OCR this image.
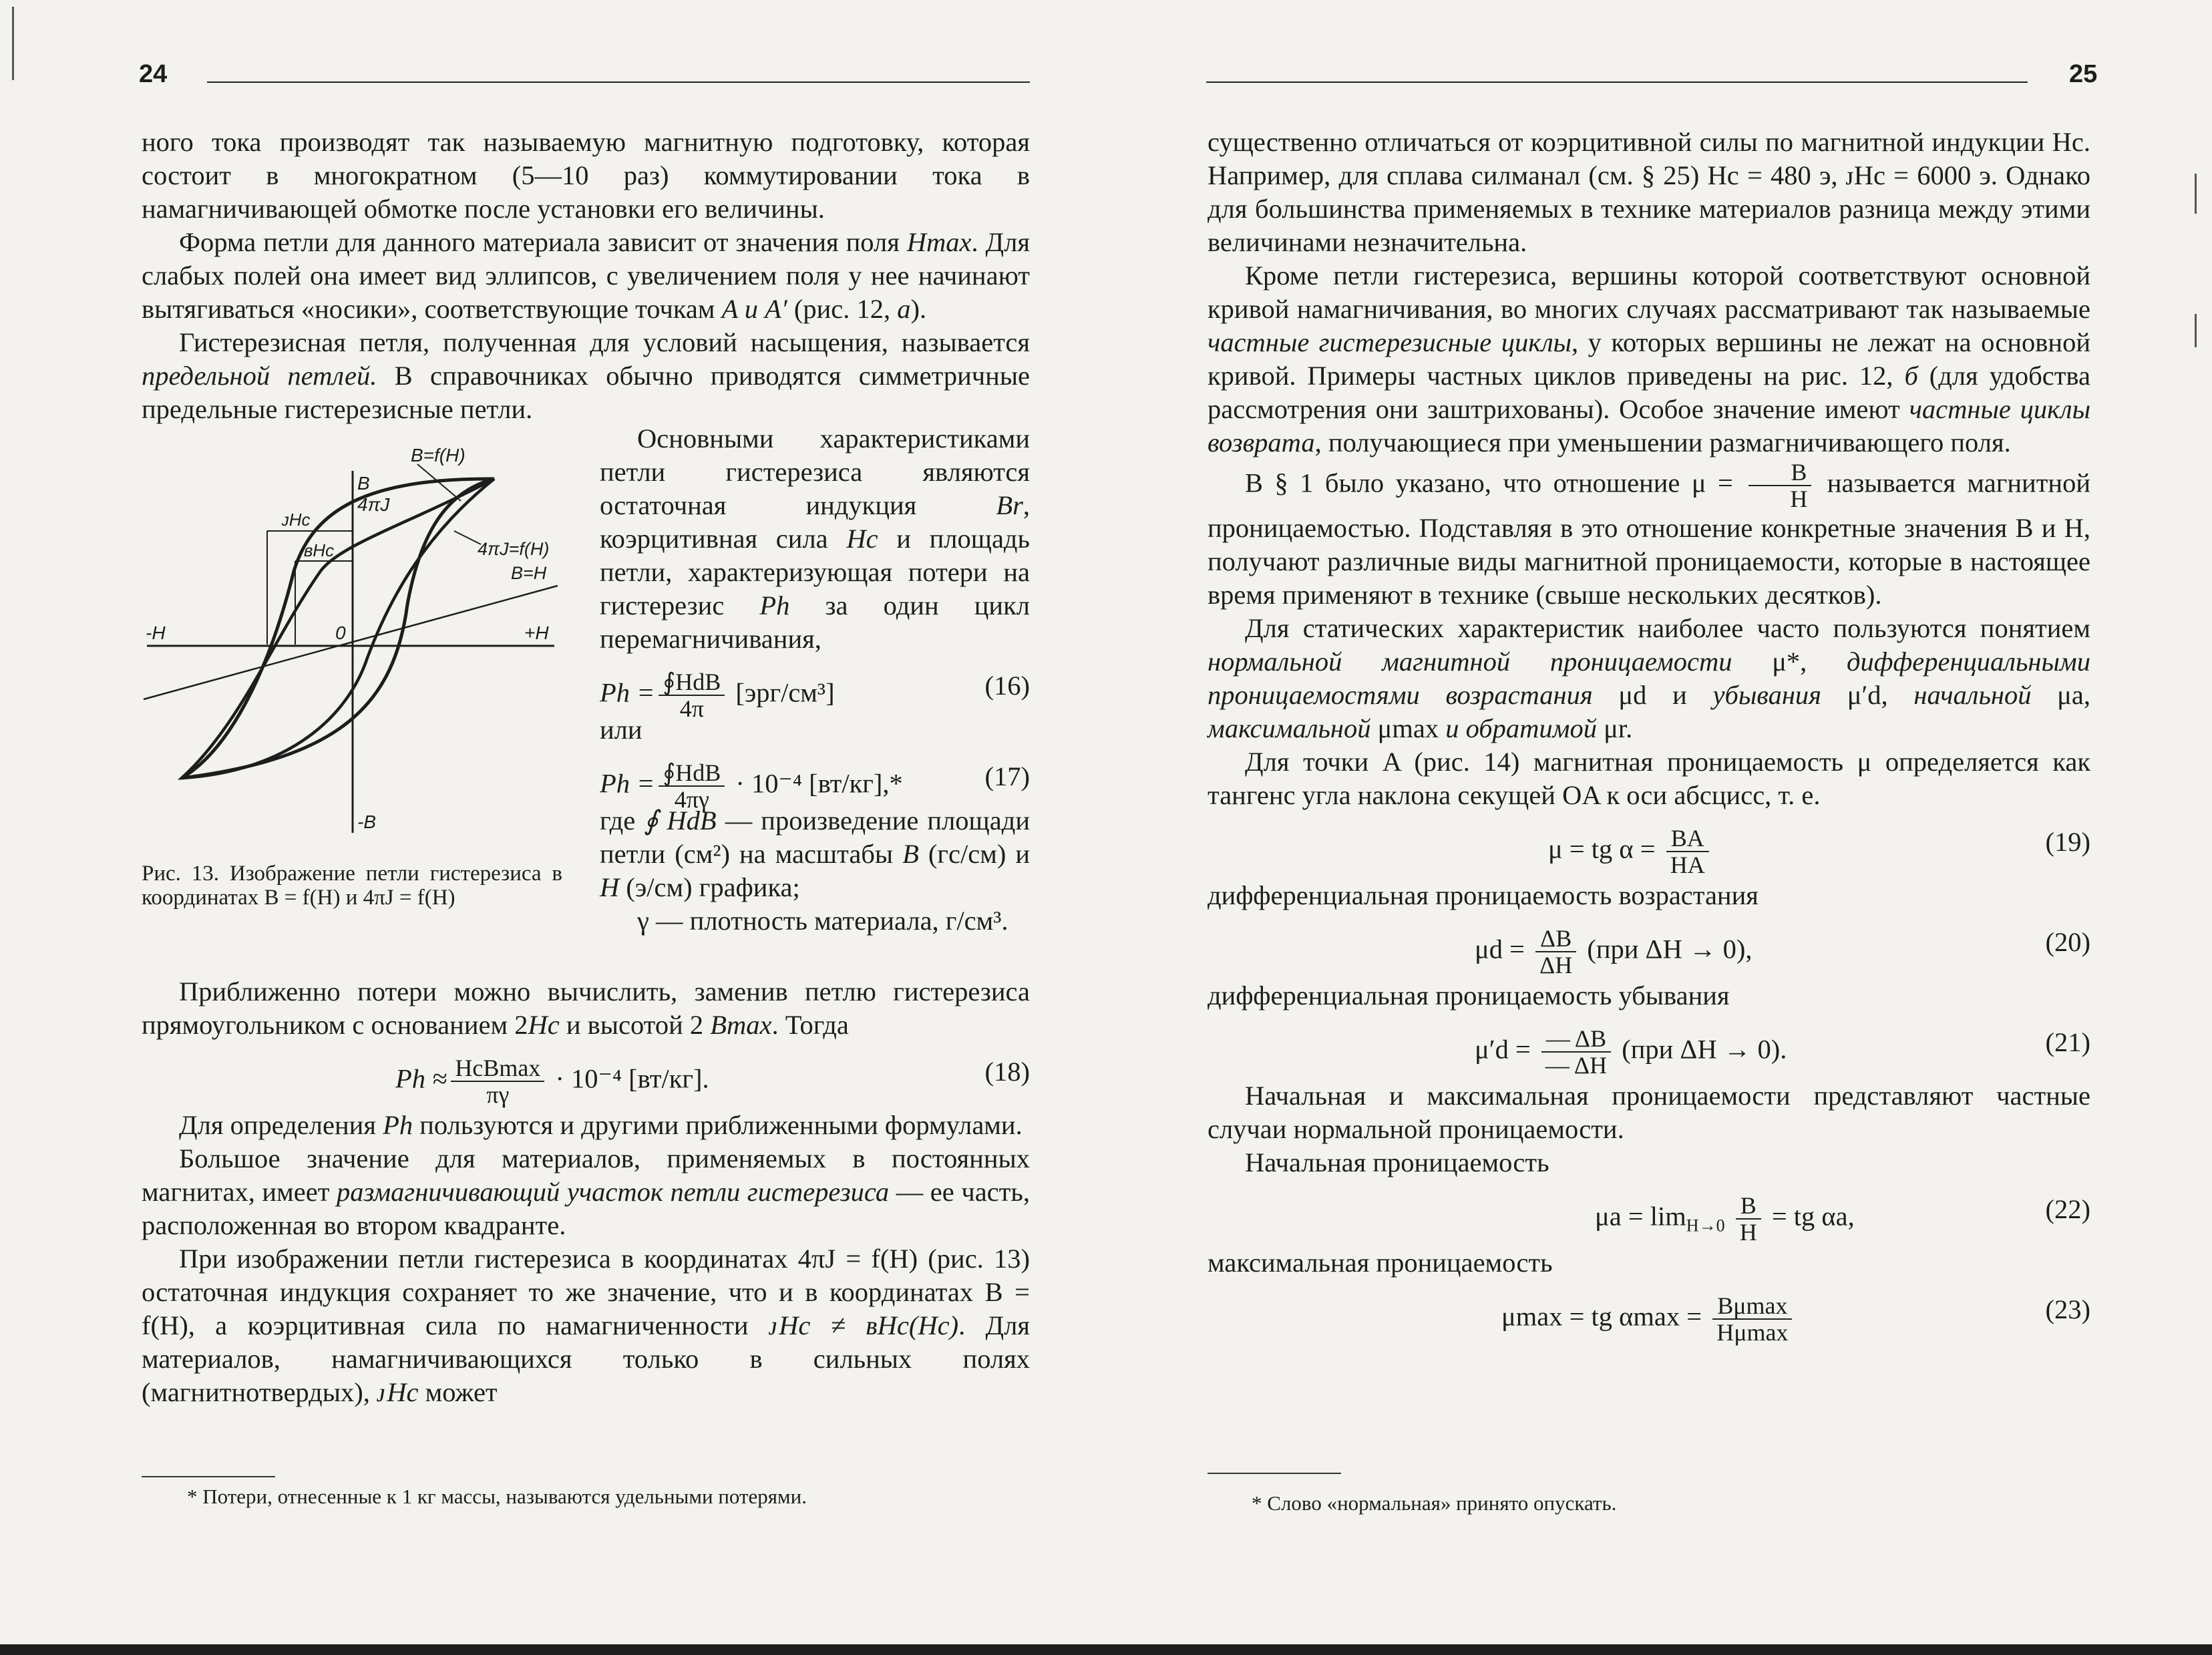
24

ного тока производят так называемую магнитную подготовку, которая состоит в многократном (5—10 раз) коммутировании тока в намагничивающей обмотке после установки его величины.

Форма петли для данного материала зависит от значения поля Hmax. Для слабых полей она имеет вид эллипсов, с увеличением поля у нее начинают вытягиваться «носики», соответствующие точкам A и A′ (рис. 12, а).

Гистерезисная петля, полученная для условий насыщения, называется предельной петлей. В справочниках обычно приводятся симметричные предельные гистерезисные петли.

B=f(H)
B
4πJ
ᴊHc
ʙHc	4πJ=f(H)
B=H
-H	0	+H
-B
Рис. 13. Изображение петли гистерезиса в координатах B = f(H) и 4πJ = f(H)

Основными характеристиками петли гистерезиса являются остаточная индукция Br, коэрцитивная сила Hc и площадь петли, характеризующая потери на гистерезис Ph за один цикл перемагничивания,

$Ph = \frac{\text{∮HdB}}{4\pi} [эрг/см^3]$	(16)

или

$Ph = \frac{\text{∮HdB}}{4\pi\gamma} \cdot 10^{-4}$ [вт/кг],*	(17)

где ∮ HdB — произведение площади петли (см²) на масштабы B (гс/см) и H (э/см) графика;

γ — плотность материала, г/см³.

Приближенно потери можно вычислить, заменив петлю гистерезиса прямоугольником с основанием 2Hc и высотой 2 Bmax. Тогда

$Ph \approx \frac{\text{HcBmax}}{\pi\gamma} \cdot 10^{-4}$ [вт/кг].	(18)

Для определения Ph пользуются и другими приближенными формулами.

Большое значение для материалов, применяемых в постоянных магнитах, имеет размагничивающий участок петли гистерезиса — ее часть, расположенная во втором квадранте.

При изображении петли гистерезиса в координатах 4πJ = f(H) (рис. 13) остаточная индукция сохраняет то же значение, что и в координатах B = f(H), а коэрцитивная сила по намагниченности ᴊHc ≠ ʙHc(Hc). Для материалов, намагничивающихся только в сильных полях (магнитнотвердых), ᴊHc может

* Потери, отнесенные к 1 кг массы, называются удельными потерями.
25

существенно отличаться от коэрцитивной силы по магнитной индукции Hc. Например, для сплава силманал (см. § 25) Hc = 480 э, ᴊHc = 6000 э. Однако для большинства применяемых в технике материалов разница между этими величинами незначительна.

Кроме петли гистерезиса, вершины которой соответствуют основной кривой намагничивания, во многих случаях рассматривают так называемые частные гистерезисные циклы, у которых вершины не лежат на основной кривой. Примеры частных циклов приведены на рис. 12, б (для удобства рассмотрения они заштрихованы). Особое значение имеют частные циклы возврата, получающиеся при уменьшении размагничивающего поля.

В § 1 было указано, что отношение $\mu = \frac{B}{H}$ называется магнитной проницаемостью. Подставляя в это отношение конкретные значения B и H, получают различные виды магнитной проницаемости, которые в настоящее время применяют в технике (свыше нескольких десятков).

Для статических характеристик наиболее часто пользуются понятием нормальной магнитной проницаемости μ*, дифференциальными проницаемостями возрастания μd и убывания μ′d, начальной μa, максимальной μmax и обратимой μr.

Для точки A (рис. 14) магнитная проницаемость μ определяется как тангенс угла наклона секущей OA к оси абсцисс, т. е.

μ = tg $\alpha = \frac{BA}{HA}$	(19)

дифференциальная проницаемость возрастания

$\mu d = \frac{\Delta B}{\Delta H} (при$ ΔH → 0),	(20)

дифференциальная проницаемость убывания

$\mu'd = \frac{— \Delta B}{— \Delta H} (при$ ΔH → 0).	(21)

Начальная и максимальная проницаемости представляют частные случаи нормальной проницаемости.

Начальная проницаемость

$\mu a = \lim_{H\to 0} \frac{B}{H}$ = tg αa,	(22)

максимальная проницаемость

μmax = tg $\alpha\max = \frac{B\mu\max}{H\mu\max}$	(23)
* Слово «нормальная» принято опускать.
